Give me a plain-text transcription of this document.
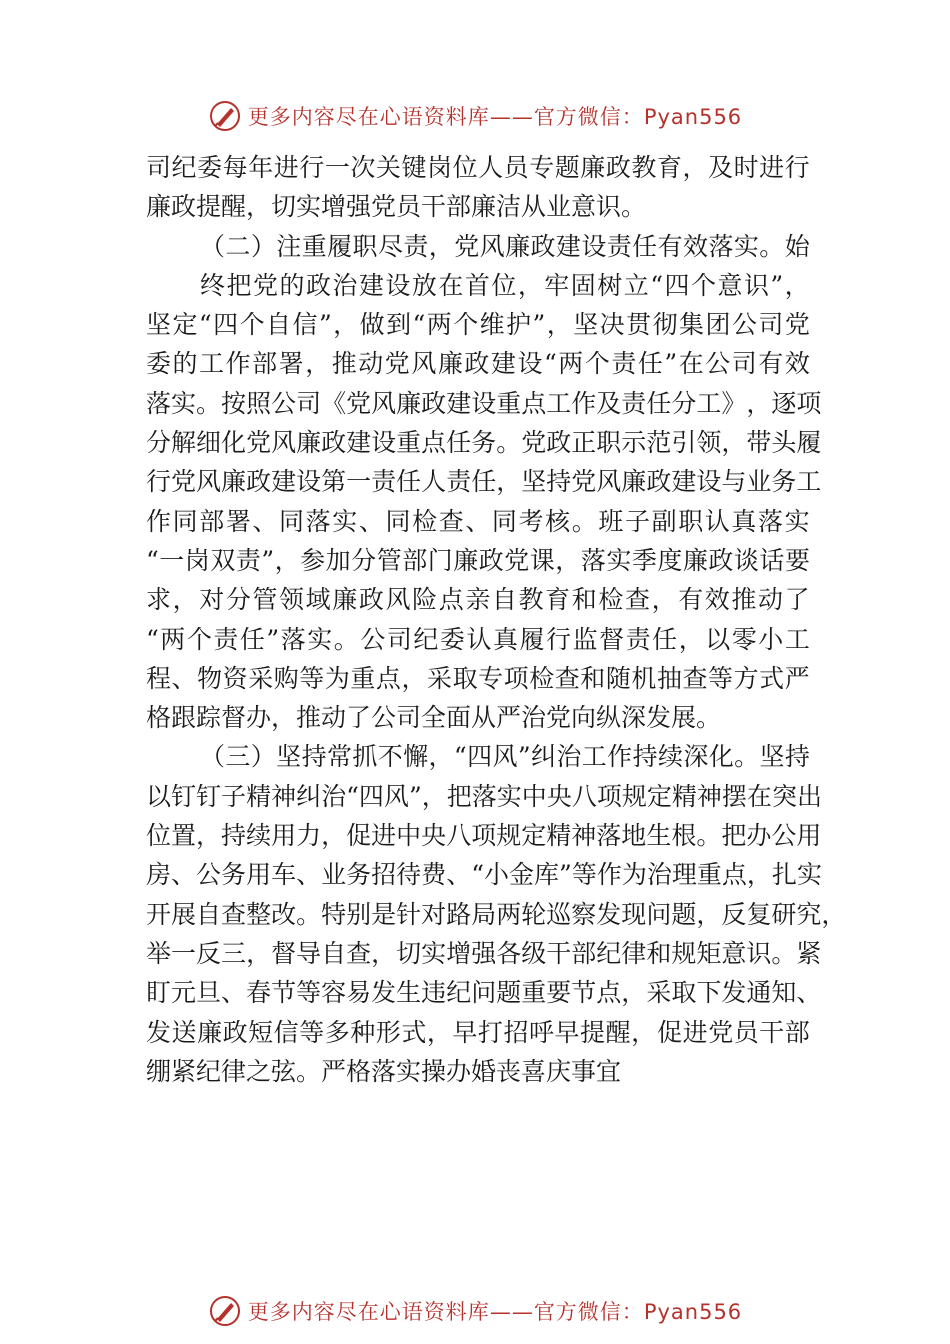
更多内容尽在心语资料库——官方微信：Pyan556
司 纪 委 每 年 进 行 一 次 关 键 岗 位 人 员 专 题 廉 政 教 育 ， 及 时 进 行
廉政提醒，切实增强党员干部廉洁从业意识。
（ 二 ） 注 重 履 职 尽 责 ， 党 风 廉 政 建 设 责 任 有 效 落 实 。 始
终 把 党 的 政 治 建 设 放 在 首 位 ， 牢 固 树 立 “ 四 个 意 识 ” ，
坚 定 “ 四 个 自 信 ” ， 做 到 “ 两 个 维 护 ” ， 坚 决 贯 彻 集 团 公 司 党
委 的 工 作 部 署 ， 推 动 党 风 廉 政 建 设 “ 两 个 责 任 ” 在 公 司 有 效
落 实 。 按 照 公 司 《 党 风 廉 政 建 设 重 点 工 作 及 责 任 分 工 》 ， 逐 项
分 解 细 化 党 风 廉 政 建 设 重 点 任 务 。 党 政 正 职 示 范 引 领 ， 带 头 履
行 党 风 廉 政 建 设 第 一 责 任 人 责 任 ， 坚 持 党 风 廉 政 建 设 与 业 务 工
作 同 部 署 、 同 落 实 、 同 检 查 、 同 考 核 。 班 子 副 职 认 真 落 实
“ 一 岗 双 责 ” ， 参 加 分 管 部 门 廉 政 党 课 ， 落 实 季 度 廉 政 谈 话 要
求 ， 对 分 管 领 域 廉 政 风 险 点 亲 自 教 育 和 检 查 ， 有 效 推 动 了
“ 两 个 责 任 ” 落 实 。 公 司 纪 委 认 真 履 行 监 督 责 任 ， 以 零 小 工
程 、 物 资 采 购 等 为 重 点 ， 采 取 专 项 检 查 和 随 机 抽 查 等 方 式 严
格跟踪督办，推动了公司全面从严治党向纵深发展。
（ 三 ） 坚 持 常 抓 不 懈 ， “ 四 风 ” 纠 治 工 作 持 续 深 化 。 坚 持
以 钉 钉 子 精 神 纠 治 “ 四 风 ” ， 把 落 实 中 央 八 项 规 定 精 神 摆 在 突 出
位 置 ， 持 续 用 力 ， 促 进 中 央 八 项 规 定 精 神 落 地 生 根 。 把 办 公 用
房 、 公 务 用 车 、 业 务 招 待 费 、 “ 小 金 库 ” 等 作 为 治 理 重 点 ， 扎 实
开 展 自 查 整 改 。 特 别 是 针 对 路 局 两 轮 巡 察 发 现 问 题 ， 反 复 研 究 ，
举 一 反 三 ， 督 导 自 查 ， 切 实 增 强 各 级 干 部 纪 律 和 规 矩 意 识 。 紧
盯 元 旦 、 春 节 等 容 易 发 生 违 纪 问 题 重 要 节 点 ， 采 取 下 发 通 知 、
发 送 廉 政 短 信 等 多 种 形 式 ， 早 打 招 呼 早 提 醒 ， 促 进 党 员 干 部
绷紧纪律之弦。严格落实操办婚丧喜庆事宜
更多内容尽在心语资料库——官方微信：Pyan556
